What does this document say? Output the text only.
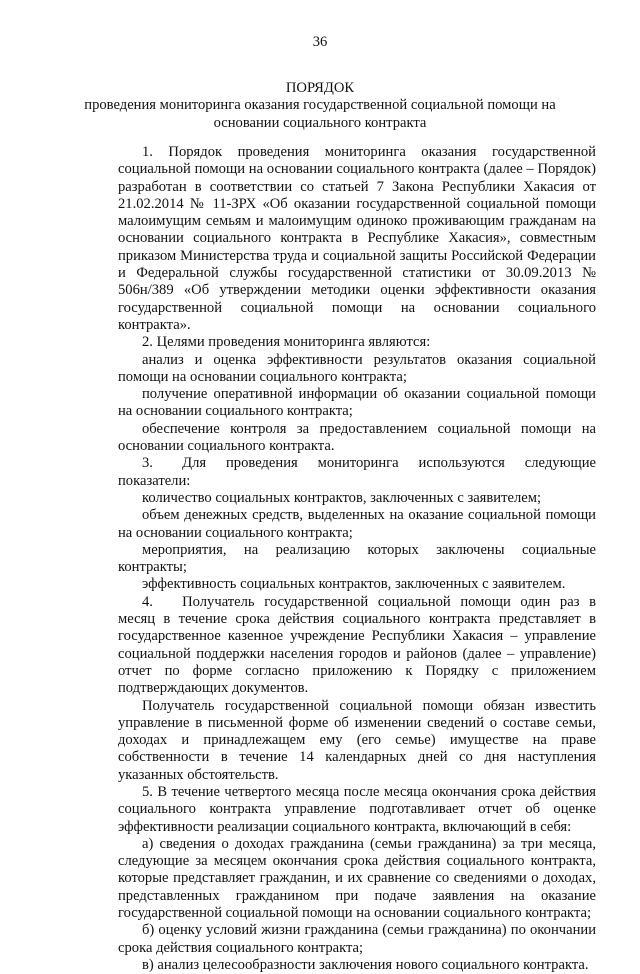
36
ПОРЯДОК
проведения мониторинга оказания государственной социальной помощи на
основании социального контракта

1. Порядок проведения мониторинга оказания государственной социальной помощи на основании социального контракта (далее – Порядок) разработан в соответствии со статьей 7 Закона Республики Хакасия от 21.02.2014 № 11-ЗРХ «Об оказании государственной социальной помощи малоимущим семьям и малоимущим одиноко проживающим гражданам на основании социального контракта в Республике Хакасия», совместным приказом Министерства труда и социальной защиты Российской Федерации и Федеральной службы государственной статистики от 30.09.2013 № 506н/389 «Об утверждении методики оценки эффективности оказания государственной социальной помощи на основании социального контракта».

2. Целями проведения мониторинга являются:

анализ и оценка эффективности результатов оказания социальной помощи на основании социального контракта;

получение оперативной информации об оказании социальной помощи на основании социального контракта;

обеспечение контроля за предоставлением социальной помощи на основании социального контракта.

3.  Для проведения мониторинга используются следующие показатели:

количество социальных контрактов, заключенных с заявителем;

объем денежных средств, выделенных на оказание социальной помощи на основании социального контракта;

мероприятия, на реализацию которых заключены социальные контракты;

эффективность социальных контрактов, заключенных с заявителем.

4.  Получатель государственной социальной помощи один раз в месяц в течение срока действия социального контракта представляет в государственное казенное учреждение Республики Хакасия – управление социальной поддержки населения городов и районов (далее – управление) отчет по форме согласно приложению к Порядку с приложением подтверждающих документов.

Получатель государственной социальной помощи обязан известить управление в письменной форме об изменении сведений о составе семьи, доходах и принадлежащем ему (его семье) имуществе на праве собственности в течение 14 календарных дней со дня наступления указанных обстоятельств.

5. В течение четвертого месяца после месяца окончания срока действия социального контракта управление подготавливает отчет об оценке эффективности реализации социального контракта, включающий в себя:

а) сведения о доходах гражданина (семьи гражданина) за три месяца, следующие за месяцем окончания срока действия социального контракта, которые представляет гражданин, и их сравнение со сведениями о доходах, представленных гражданином при подаче заявления на оказание государственной социальной помощи на основании социального контракта;

б) оценку условий жизни гражданина (семьи гражданина) по окончании срока действия социального контракта;

в) анализ целесообразности заключения нового социального контракта.
